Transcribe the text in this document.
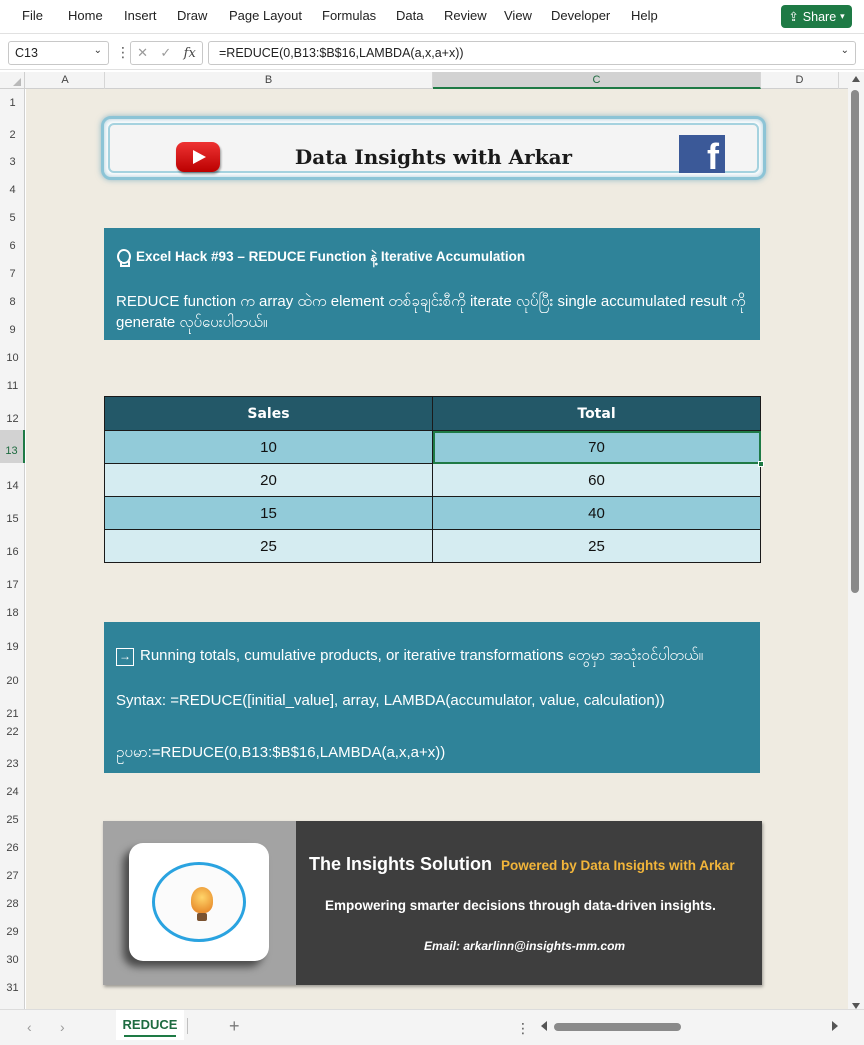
File Home Insert Draw Page Layout Formulas Data Review View Developer Help	⇪ Share ▾
C13	⌄ ⋮ ✕ ✓ fx	=REDUCE(0,B13:$B$16,LAMBDA(a,x,a+x))	⌄
A	B	C	D
1
2
3
4
5
6
7
8
9
10
11
12
13
14
15
16
17
18
19
20
21
22
23
24
25
26
27
28
29
30
31
Data Insights with Arkar	f
Excel Hack #93 – REDUCE Function နဲ့ Iterative Accumulation
REDUCE function က array ထဲက element တစ်ခုချင်းစီကို iterate လုပ်ပြီး single accumulated result ကို generate လုပ်ပေးပါတယ်။
Sales	Total
10	70

20	60
15	40
25	25
→ Running totals, cumulative products, or iterative transformations တွေမှာ အသုံးဝင်ပါတယ်။
Syntax: =REDUCE([initial_value], array, LAMBDA(accumulator, value, calculation))
ဥပမာ:=REDUCE(0,B13:$B$16,LAMBDA(a,x,a+x))
The Insights Solution Powered by Data Insights with Arkar
Empowering smarter decisions through data-driven insights.
Email: arkarlinn@insights-mm.com
‹ ›	REDUCE	+	⋮
